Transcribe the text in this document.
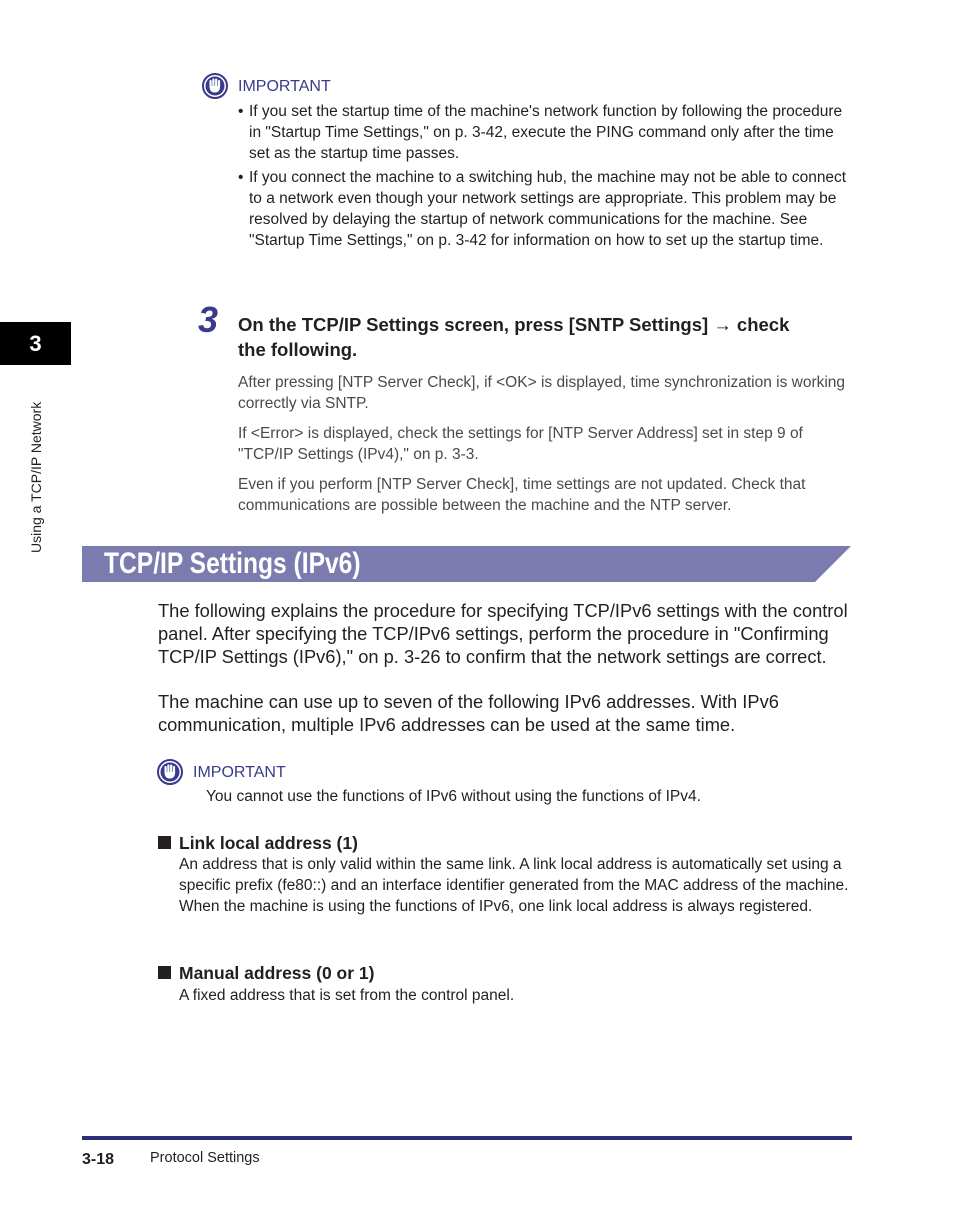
IMPORTANT
• If you set the startup time of the machine's network function by following the procedure in "Startup Time Settings," on p. 3-42, execute the PING command only after the time set as the startup time passes.
• If you connect the machine to a switching hub, the machine may not be able to connect to a network even though your network settings are appropriate. This problem may be resolved by delaying the startup of network communications for the machine. See "Startup Time Settings," on p. 3-42 for information on how to set up the startup time.
3 On the TCP/IP Settings screen, press [SNTP Settings] → check
the following.

After pressing [NTP Server Check], if <OK> is displayed, time synchronization is working correctly via SNTP.

If <Error> is displayed, check the settings for [NTP Server Address] set in step 9 of "TCP/IP Settings (IPv4)," on p. 3-3.

Even if you perform [NTP Server Check], time settings are not updated. Check that communications are possible between the machine and the NTP server.

TCP/IP Settings (IPv6)

The following explains the procedure for specifying TCP/IPv6 settings with the control panel. After specifying the TCP/IPv6 settings, perform the procedure in "Confirming TCP/IP Settings (IPv6)," on p. 3-26 to confirm that the network settings are correct.

The machine can use up to seven of the following IPv6 addresses. With IPv6 communication, multiple IPv6 addresses can be used at the same time.

IMPORTANT

You cannot use the functions of IPv6 without using the functions of IPv4.

Link local address (1)

An address that is only valid within the same link. A link local address is automatically set using a specific prefix (fe80::) and an interface identifier generated from the MAC address of the machine. When the machine is using the functions of IPv6, one link local address is always registered.

Manual address (0 or 1)

A fixed address that is set from the control panel.

3
Using a TCP/IP Network
3-18 Protocol Settings
